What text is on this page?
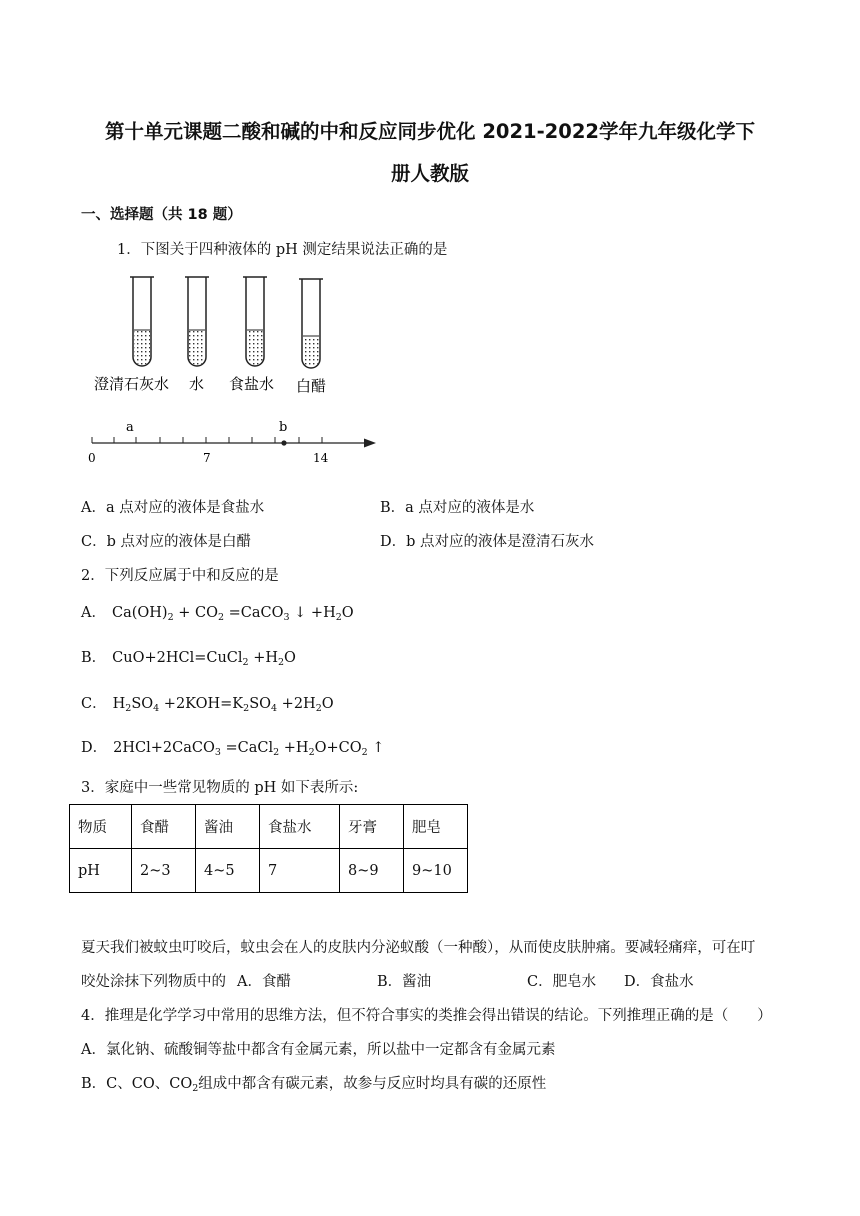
第十单元课题二酸和碱的中和反应同步优化 2021-2022学年九年级化学下
册人教版
一、选择题（共 18 题）
1．下图关于四种液体的 pH 测定结果说法正确的是
澄清石灰水 水 食盐水 白醋
a	b
0	7	14
A．a 点对应的液体是食盐水	B．a 点对应的液体是水
C．b 点对应的液体是白醋	D．b 点对应的液体是澄清石灰水
2．下列反应属于中和反应的是
A． $Ca(OH)_2 + CO_2$ =CaCO$_3$ ↓ $+H_2O$
B． CuO+2HCl=CuCl$_2$ $+H_2O$
C． $H_2SO_4 +2KOH=K_2SO_4 +2H_2O$
D． 2HCl+2CaCO$_3$ =CaCl$_2$ $+H_2O+CO_2$ ↑
3．家庭中一些常见物质的 pH 如下表所示:
物质	食醋	酱油	食盐水	牙膏	肥皂
pH	2~3	4~5	7	8~9	9~10
夏天我们被蚊虫叮咬后，蚊虫会在人的皮肤内分泌蚁酸（一种酸），从而使皮肤肿痛。要减轻痛痒，可在叮
咬处涂抹下列物质中的 A．食醋	B．酱油	C．肥皂水 D．食盐水
4．推理是化学学习中常用的思维方法，但不符合事实的类推会得出错误的结论。下列推理正确的是（　　）
A．氯化钠、硫酸铜等盐中都含有金属元素，所以盐中一定都含有金属元素
B．C、CO、$CO_2$组成中都含有碳元素，故参与反应时均具有碳的还原性
